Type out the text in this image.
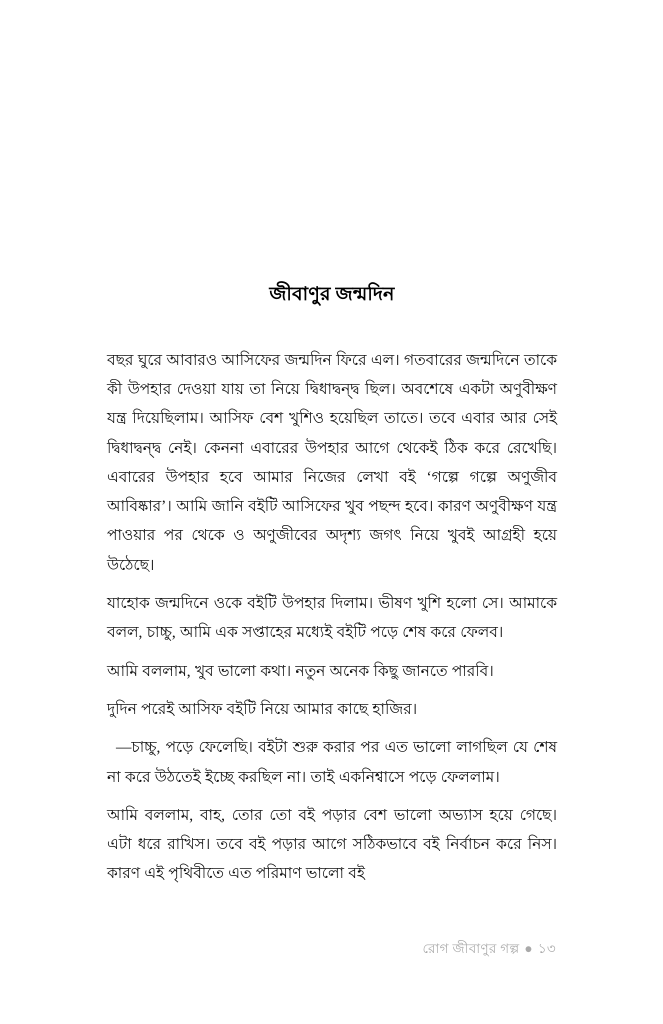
জীবাণুর জন্মদিন

বছর ঘুরে আবারও আসিফের জন্মদিন ফিরে এল। গতবারের জন্মদিনে তাকে কী উপহার দেওয়া যায় তা নিয়ে দ্বিধাদ্বন্দ্ব ছিল। অবশেষে একটা অণুবীক্ষণ যন্ত্র দিয়েছিলাম। আসিফ বেশ খুশিও হয়েছিল তাতে। তবে এবার আর সেই দ্বিধাদ্বন্দ্ব নেই। কেননা এবারের উপহার আগে থেকেই ঠিক করে রেখেছি। এবারের উপহার হবে আমার নিজের লেখা বই ‘গল্পে গল্পে অণুজীব আবিষ্কার’। আমি জানি বইটি আসিফের খুব পছন্দ হবে। কারণ অণুবীক্ষণ যন্ত্র পাওয়ার পর থেকে ও অণুজীবের অদৃশ্য জগৎ নিয়ে খুবই আগ্রহী হয়ে উঠেছে।

যাহোক জন্মদিনে ওকে বইটি উপহার দিলাম। ভীষণ খুশি হলো সে। আমাকে বলল, চাচ্চু, আমি এক সপ্তাহের মধ্যেই বইটি পড়ে শেষ করে ফেলব।

আমি বললাম, খুব ভালো কথা। নতুন অনেক কিছু জানতে পারবি।

দুদিন পরেই আসিফ বইটি নিয়ে আমার কাছে হাজির।

—চাচ্চু, পড়ে ফেলেছি। বইটা শুরু করার পর এত ভালো লাগছিল যে শেষ না করে উঠতেই ইচ্ছে করছিল না। তাই একনিশ্বাসে পড়ে ফেললাম।

আমি বললাম, বাহ, তোর তো বই পড়ার বেশ ভালো অভ্যাস হয়ে গেছে। এটা ধরে রাখিস। তবে বই পড়ার আগে সঠিকভাবে বই নির্বাচন করে নিস। কারণ এই পৃথিবীতে এত পরিমাণ ভালো বই

রোগ জীবাণুর গল্প ● ১৩
